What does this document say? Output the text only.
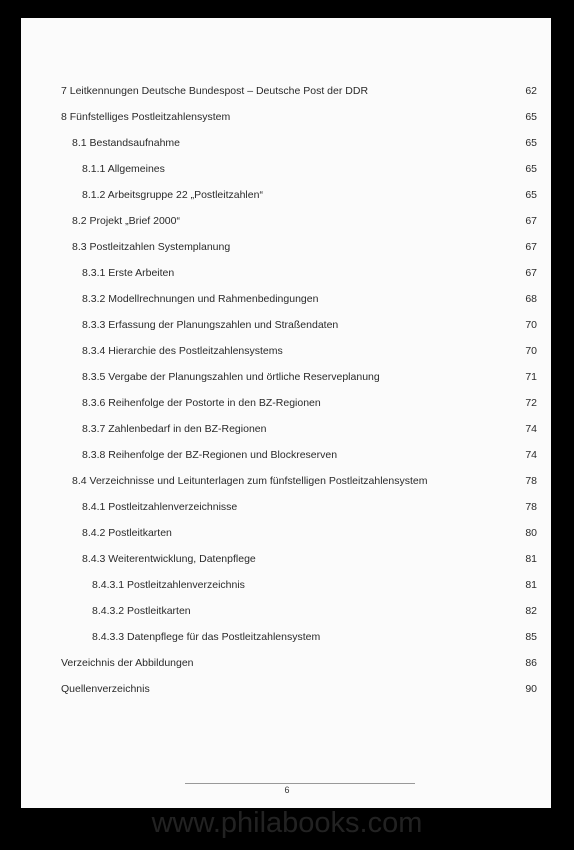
7 Leitkennungen Deutsche Bundespost – Deutsche Post der DDR	62
8 Fünfstelliges Postleitzahlensystem	65
8.1 Bestandsaufnahme	65
8.1.1 Allgemeines	65
8.1.2 Arbeitsgruppe 22 „Postleitzahlen“	65
8.2 Projekt „Brief 2000“	67
8.3 Postleitzahlen Systemplanung	67
8.3.1 Erste Arbeiten	67
8.3.2 Modellrechnungen und Rahmenbedingungen	68
8.3.3 Erfassung der Planungszahlen und Straßendaten	70
8.3.4 Hierarchie des Postleitzahlensystems	70
8.3.5 Vergabe der Planungszahlen und örtliche Reserveplanung	71
8.3.6 Reihenfolge der Postorte in den BZ-Regionen	72
8.3.7 Zahlenbedarf in den BZ-Regionen	74
8.3.8 Reihenfolge der BZ-Regionen und Blockreserven	74
8.4 Verzeichnisse und Leitunterlagen zum fünfstelligen Postleitzahlensystem	78
8.4.1 Postleitzahlenverzeichnisse	78
8.4.2 Postleitkarten	80
8.4.3 Weiterentwicklung, Datenpflege	81
8.4.3.1 Postleitzahlenverzeichnis	81
8.4.3.2 Postleitkarten	82
8.4.3.3 Datenpflege für das Postleitzahlensystem	85
Verzeichnis der Abbildungen	86
Quellenverzeichnis	90
6
www.philabooks.com
